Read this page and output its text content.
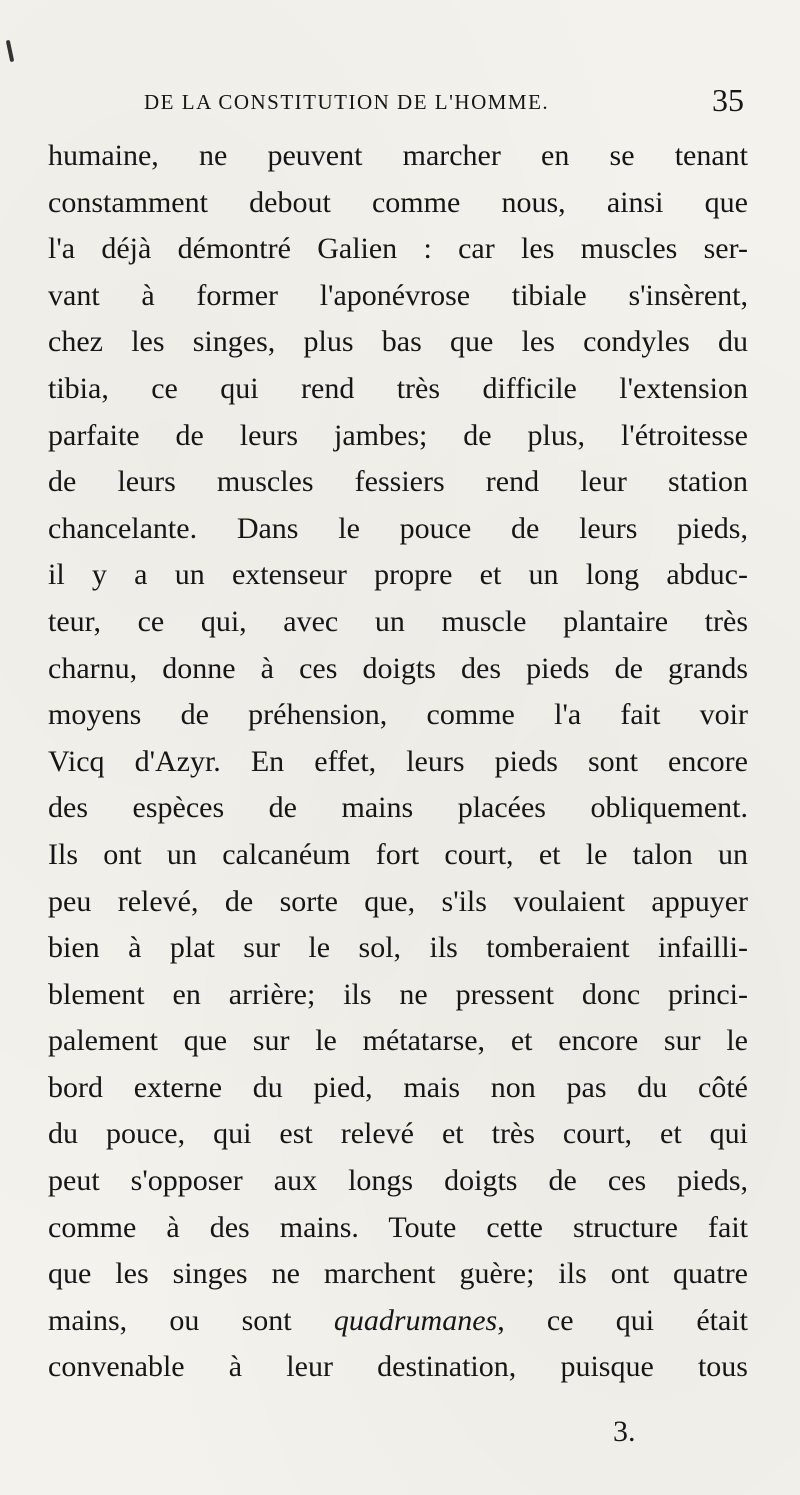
DE LA CONSTITUTION DE L'HOMME.	35
humaine, ne peuvent marcher en se tenant
constamment debout comme nous, ainsi que
l'a déjà démontré Galien : car les muscles ser-
vant à former l'aponévrose tibiale s'insèrent,
chez les singes, plus bas que les condyles du
tibia, ce qui rend très difficile l'extension
parfaite de leurs jambes; de plus, l'étroitesse
de leurs muscles fessiers rend leur station
chancelante. Dans le pouce de leurs pieds,
il y a un extenseur propre et un long abduc-
teur, ce qui, avec un muscle plantaire très
charnu, donne à ces doigts des pieds de grands
moyens de préhension, comme l'a fait voir
Vicq d'Azyr. En effet, leurs pieds sont encore
des espèces de mains placées obliquement.
Ils ont un calcanéum fort court, et le talon un
peu relevé, de sorte que, s'ils voulaient appuyer
bien à plat sur le sol, ils tomberaient infailli-
blement en arrière; ils ne pressent donc princi-
palement que sur le métatarse, et encore sur le
bord externe du pied, mais non pas du côté
du pouce, qui est relevé et très court, et qui
peut s'opposer aux longs doigts de ces pieds,
comme à des mains. Toute cette structure fait
que les singes ne marchent guère; ils ont quatre
mains, ou sont quadrumanes, ce qui était
convenable à leur destination, puisque tous
3.
